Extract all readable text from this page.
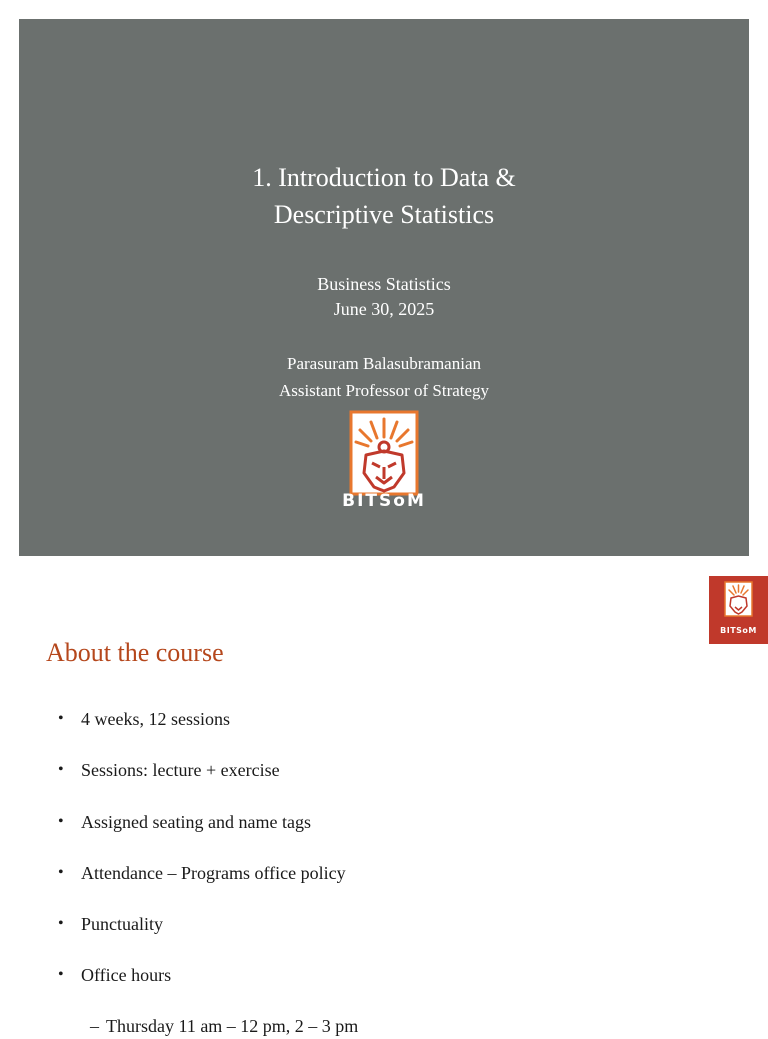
1. Introduction to Data &
Descriptive Statistics
Business Statistics
June 30, 2025
Parasuram Balasubramanian
Assistant Professor of Strategy
BITSoM
BITSoM
About the course
• 4 weeks, 12 sessions
• Sessions: lecture + exercise
• Assigned seating and name tags
• Attendance – Programs office policy
• Punctuality
• Office hours
– Thursday 11 am – 12 pm, 2 – 3 pm
